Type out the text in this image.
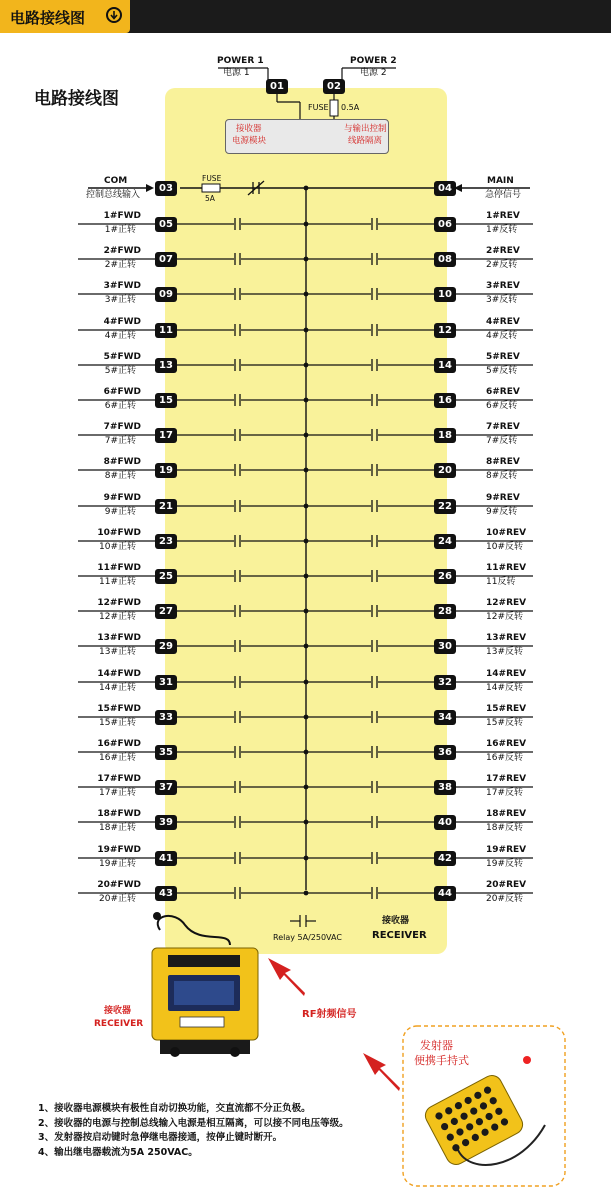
电路接线图
电路接线图
POWER 1
电源 1
01
POWER 2
电源 2
02
FUSE 0.5A
接收器
电源模块
与输出控制
线路隔离
COM
控制总线输入
03
FUSE
5A
04
MAIN
急停信号
1#FWD
1#正转	05	06
1#REV
1#反转
2#FWD
2#正转	07	08
2#REV
2#反转
3#FWD
3#正转	09	10
3#REV
3#反转
4#FWD
4#正转	11	12
4#REV
4#反转
5#FWD
5#正转	13	14
5#REV
5#反转
6#FWD
6#正转	15	16
6#REV
6#反转
7#FWD
7#正转	17	18
7#REV
7#反转
8#FWD
8#正转	19	20
8#REV
8#反转
9#FWD
9#正转	21	22
9#REV
9#反转
10#FWD
10#正转	23	24
10#REV
10#反转
11#FWD
11#正转	25	26
11#REV
11反转
12#FWD
12#正转	27	28
12#REV
12#反转
13#FWD
13#正转	29	30
13#REV
13#反转
14#FWD
14#正转	31	32
14#REV
14#反转
15#FWD
15#正转	33	34
15#REV
15#反转
16#FWD
16#正转	35	36
16#REV
16#反转
17#FWD
17#正转	37	38
17#REV
17#反转
18#FWD
18#正转	39	40
18#REV
18#反转
19#FWD
19#正转	41	42
19#REV
19#反转
20#FWD
20#正转	43	44
20#REV
20#反转
Relay 5A/250VAC
接收器
RECEIVER
接收器
RECEIVER
RF射频信号
发射器
便携手持式
1、接收器电源模块有极性自动切换功能，交直流都不分正负极。
2、接收器的电源与控制总线输入电源是相互隔离，可以接不同电压等级。
3、发射器按启动键时急停继电器接通，按停止键时断开。
4、输出继电器载流为5A 250VAC。
